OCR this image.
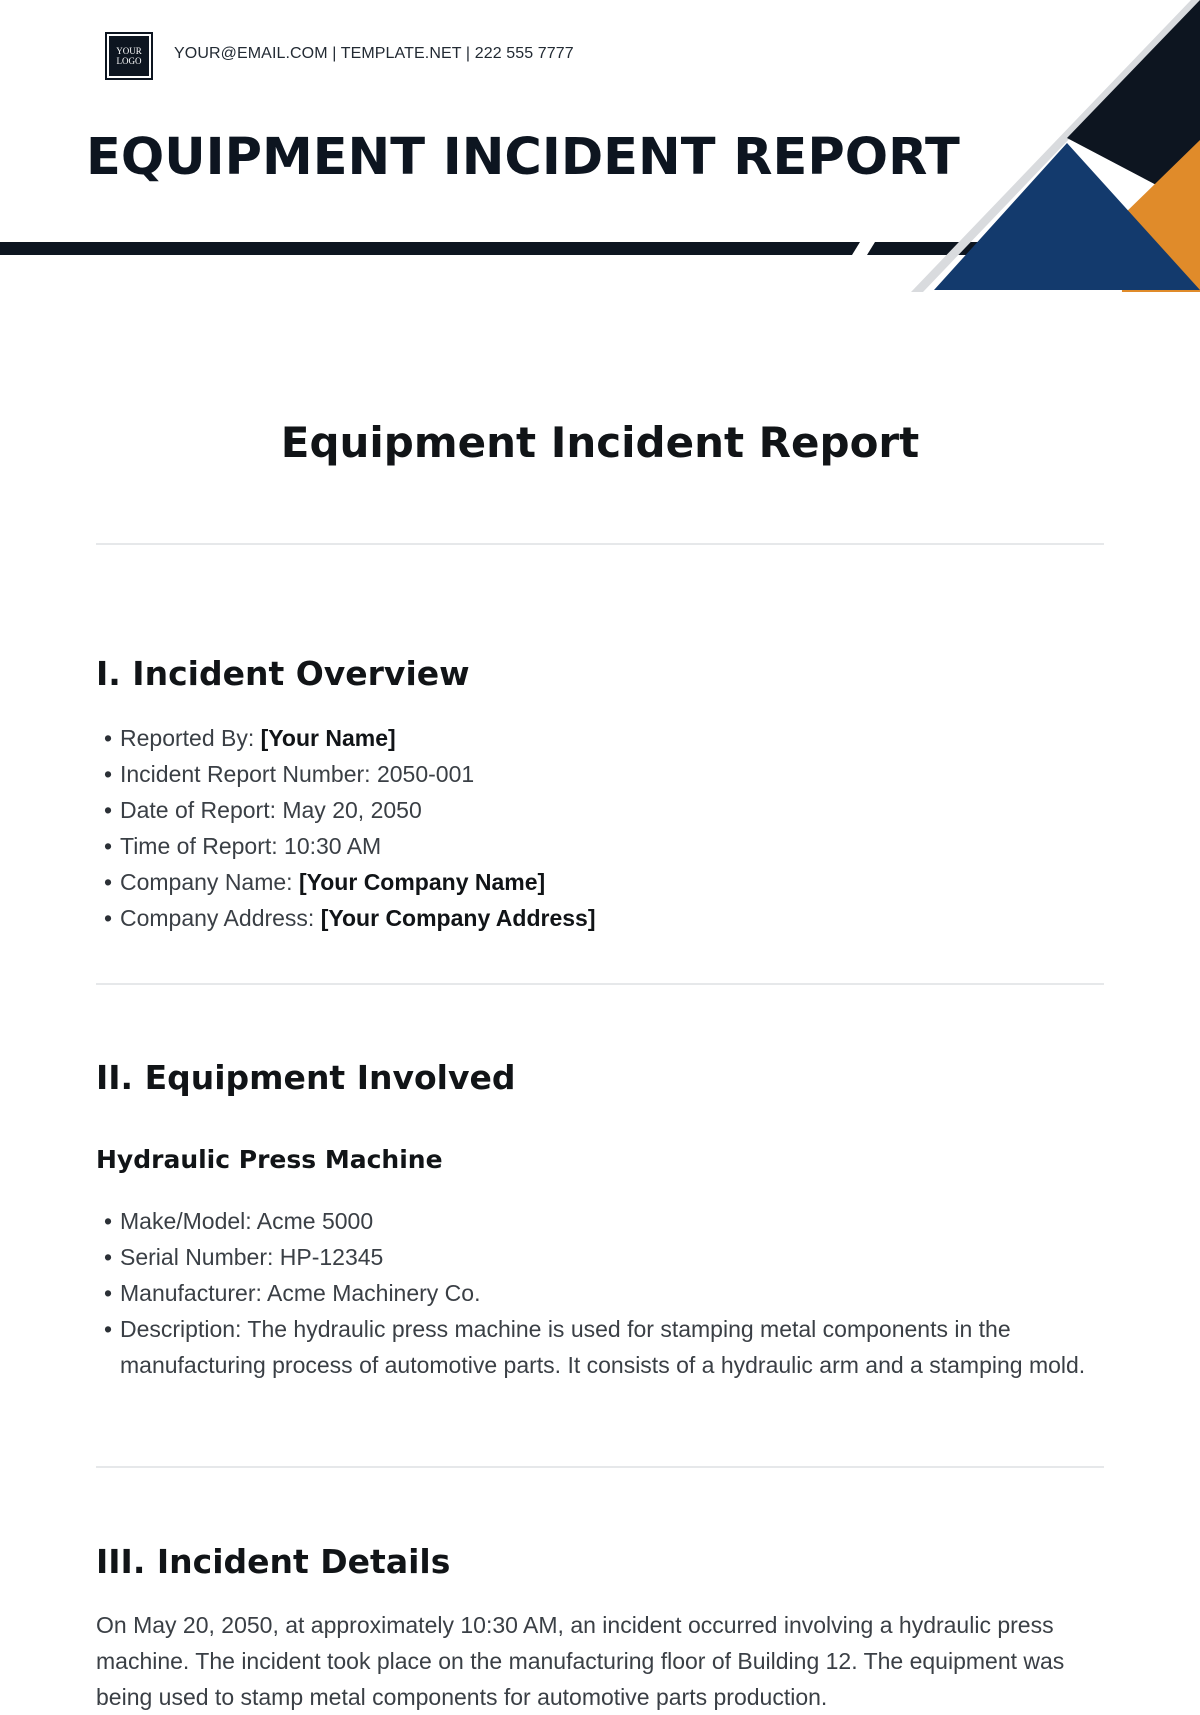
YOUR
LOGO YOUR@EMAIL.COM | TEMPLATE.NET | 222 555 7777
EQUIPMENT INCIDENT REPORT
Equipment Incident Report
I. Incident Overview
• Reported By: [Your Name]
• Incident Report Number: 2050-001
• Date of Report: May 20, 2050
• Time of Report: 10:30 AM
• Company Name: [Your Company Name]
• Company Address: [Your Company Address]
II. Equipment Involved
Hydraulic Press Machine
• Make/Model: Acme 5000
• Serial Number: HP-12345
• Manufacturer: Acme Machinery Co.
• Description: The hydraulic press machine is used for stamping metal components in the manufacturing process of automotive parts. It consists of a hydraulic arm and a stamping mold.
III. Incident Details

On May 20, 2050, at approximately 10:30 AM, an incident occurred involving a hydraulic press machine. The incident took place on the manufacturing floor of Building 12. The equipment was being used to stamp metal components for automotive parts production.
